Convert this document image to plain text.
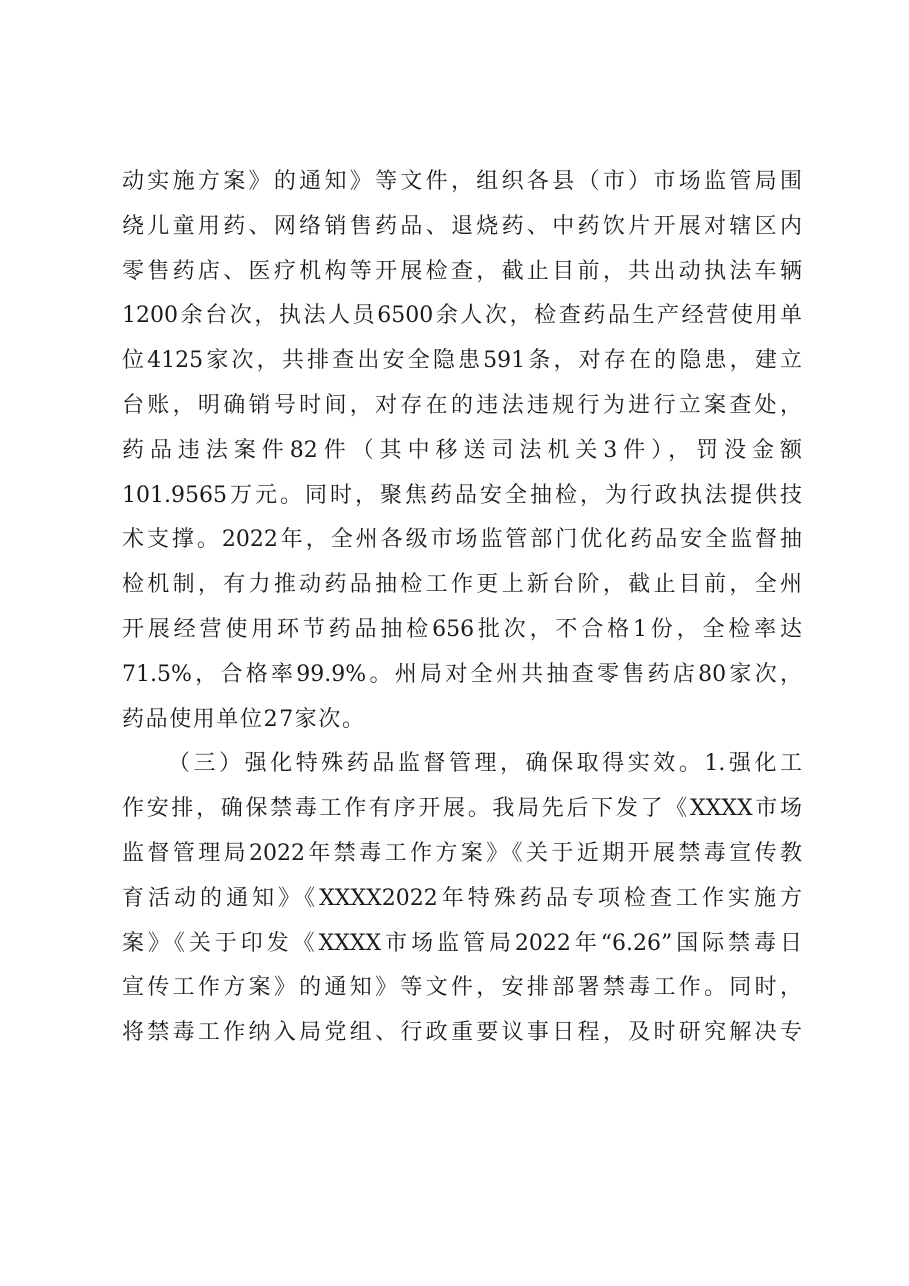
动实施方案》的通知》等文件，组织各县（市）市场监管局围
绕儿童用药、网络销售药品、退烧药、中药饮片开展对辖区内
零售药店、医疗机构等开展检查，截止目前，共出动执法车辆
1200余台次，执法人员6500余人次，检查药品生产经营使用单
位4125家次，共排查出安全隐患591条，对存在的隐患，建立
台账，明确销号时间，对存在的违法违规行为进行立案查处，
药品违法案件82件（其中移送司法机关3件），罚没金额
101.9565万元。同时，聚焦药品安全抽检，为行政执法提供技
术支撑。2022年，全州各级市场监管部门优化药品安全监督抽
检机制，有力推动药品抽检工作更上新台阶，截止目前，全州
开展经营使用环节药品抽检656批次，不合格1份，全检率达
71.5%，合格率99.9%。州局对全州共抽查零售药店80家次，
药品使用单位27家次。
（三）强化特殊药品监督管理，确保取得实效。1.强化工
作安排，确保禁毒工作有序开展。我局先后下发了《XXXX市场
监督管理局2022年禁毒工作方案》《关于近期开展禁毒宣传教
育活动的通知》《XXXX2022年特殊药品专项检查工作实施方
案》《关于印发《XXXX市场监管局2022年“6.26”国际禁毒日
宣传工作方案》的通知》等文件，安排部署禁毒工作。同时，
将禁毒工作纳入局党组、行政重要议事日程，及时研究解决专
